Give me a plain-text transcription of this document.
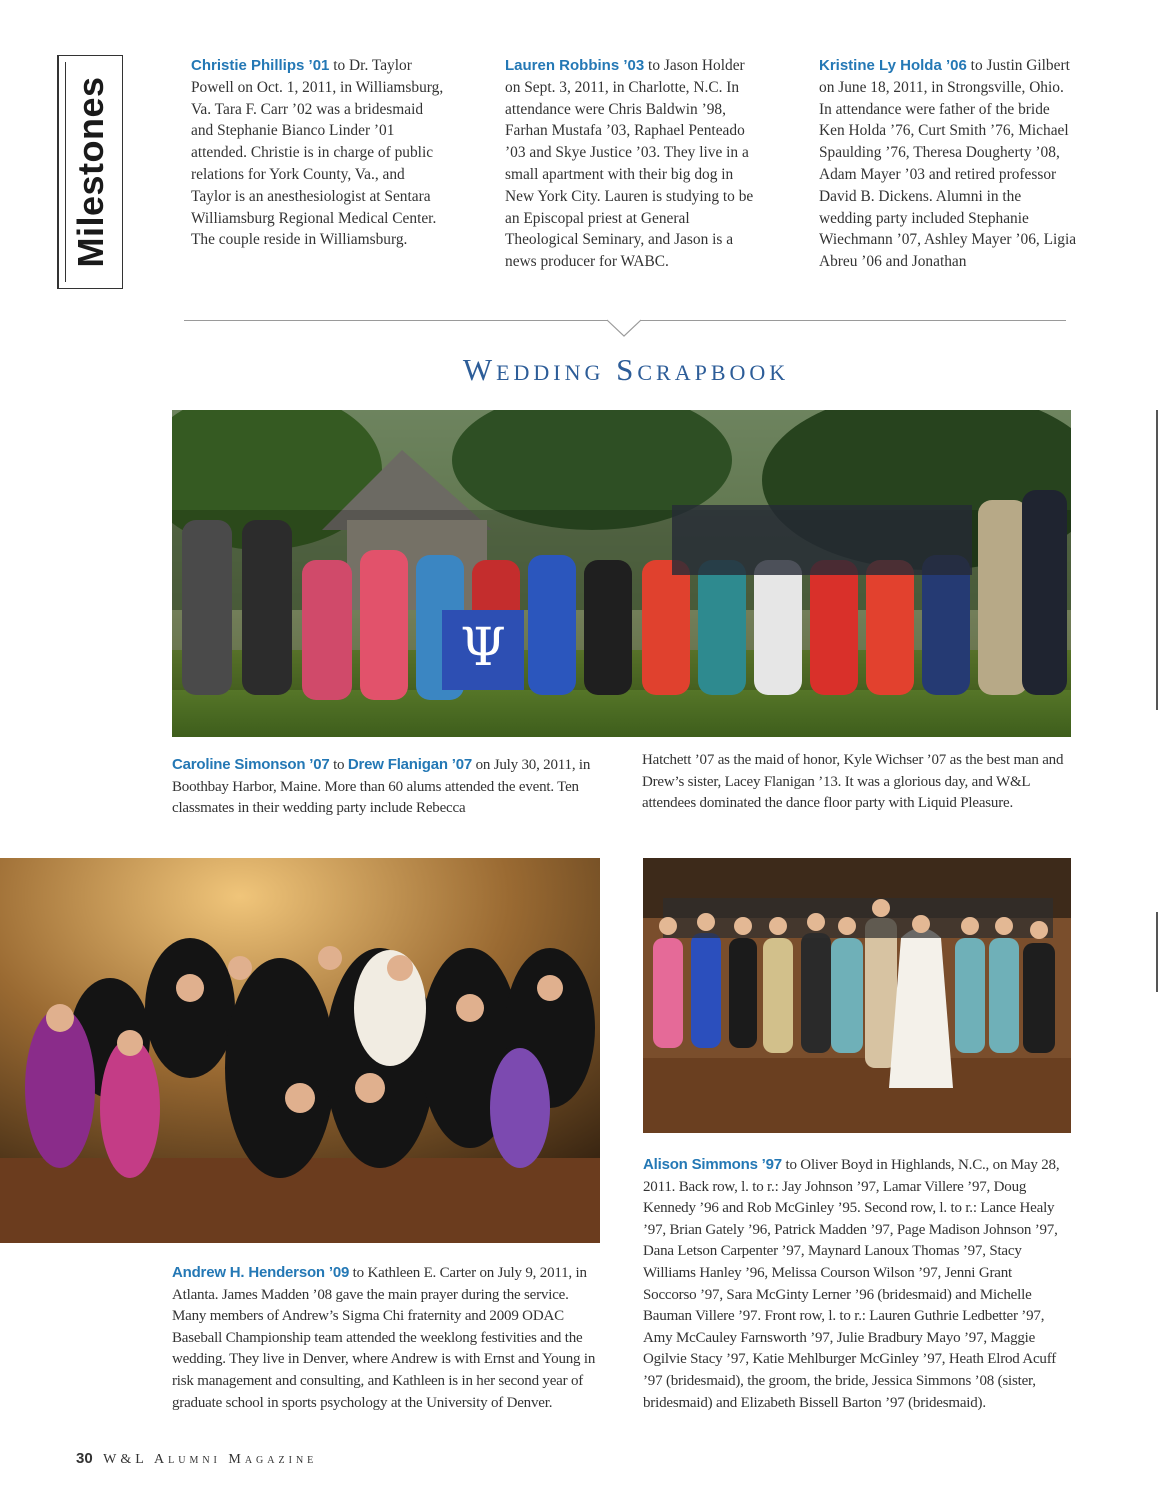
Milestones
Christie Phillips ’01 to Dr. Taylor Powell on Oct. 1, 2011, in Williamsburg, Va. Tara F. Carr ’02 was a bridesmaid and Stephanie Bianco Linder ’01 attended. Christie is in charge of public relations for York County, Va., and Taylor is an anesthesiologist at Sentara Williamsburg Regional Medical Center. The couple reside in Williamsburg.
Lauren Robbins ’03 to Jason Holder on Sept. 3, 2011, in Charlotte, N.C. In attendance were Chris Baldwin ’98, Farhan Mustafa ’03, Raphael Penteado ’03 and Skye Justice ’03. They live in a small apartment with their big dog in New York City. Lauren is studying to be an Episcopal priest at General Theological Seminary, and Jason is a news producer for WABC.
Kristine Ly Holda ’06 to Justin Gilbert on June 18, 2011, in Strongsville, Ohio. In attendance were father of the bride Ken Holda ’76, Curt Smith ’76, Michael Spaulding ’76, Theresa Dougherty ’08, Adam Mayer ’03 and retired professor David B. Dickens. Alumni in the wedding party included Stephanie Wiechmann ’07, Ashley Mayer ’06, Ligia Abreu ’06 and Jonathan
Wedding Scrapbook
Ψ
Caroline Simonson ’07 to Drew Flanigan ’07 on July 30, 2011, in Boothbay Harbor, Maine. More than 60 alums attended the event. Ten classmates in their wedding party include Rebecca
Hatchett ’07 as the maid of honor, Kyle Wichser ’07 as the best man and Drew’s sister, Lacey Flanigan ’13. It was a glorious day, and W&L attendees dominated the dance floor party with Liquid Pleasure.
Andrew H. Henderson ’09 to Kathleen E. Carter on July 9, 2011, in Atlanta. James Madden ’08 gave the main prayer during the service. Many members of Andrew’s Sigma Chi fraternity and 2009 ODAC Baseball Championship team attended the weeklong festivities and the wedding. They live in Denver, where Andrew is with Ernst and Young in risk management and consulting, and Kathleen is in her second year of graduate school in sports psychology at the University of Denver.
Alison Simmons ’97 to Oliver Boyd in Highlands, N.C., on May 28, 2011. Back row, l. to r.: Jay Johnson ’97, Lamar Villere ’97, Doug Kennedy ’96 and Rob McGinley ’95. Second row, l. to r.: Lance Healy ’97, Brian Gately ’96, Patrick Madden ’97, Page Madison Johnson ’97, Dana Letson Carpenter ’97, Maynard Lanoux Thomas ’97, Stacy Williams Hanley ’96, Melissa Courson Wilson ’97, Jenni Grant Soccorso ’97, Sara McGinty Lerner ’96 (bridesmaid) and Michelle Bauman Villere ’97. Front row, l. to r.: Lauren Guthrie Ledbetter ’97, Amy McCauley Farnsworth ’97, Julie Bradbury Mayo ’97, Maggie Ogilvie Stacy ’97, Katie Mehlburger McGinley ’97, Heath Elrod Acuff ’97 (bridesmaid), the groom, the bride, Jessica Simmons ’08 (sister, bridesmaid) and Elizabeth Bissell Barton ’97 (bridesmaid).
30 W&L Alumni Magazine
